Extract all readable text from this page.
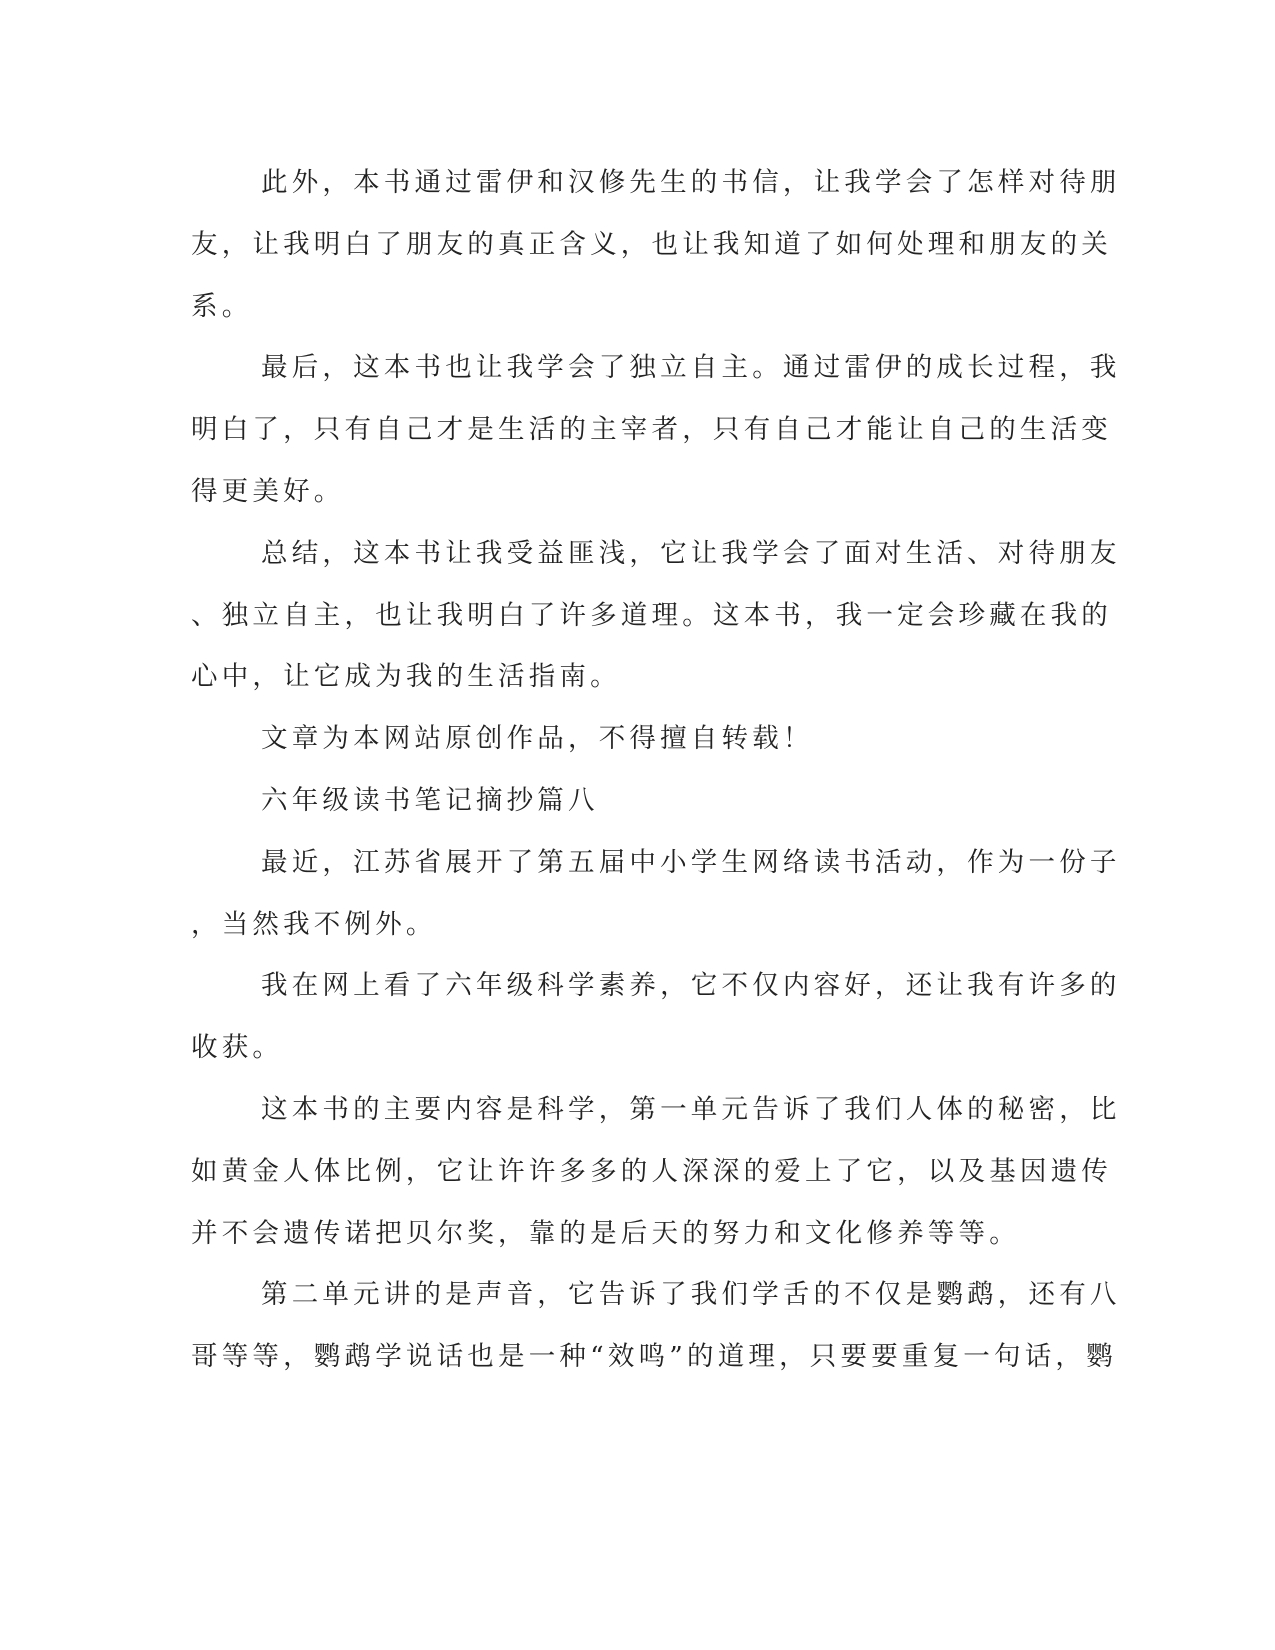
此外，本书通过雷伊和汉修先生的书信，让我学会了怎样对待朋
友，让我明白了朋友的真正含义，也让我知道了如何处理和朋友的关
系。
最后，这本书也让我学会了独立自主。通过雷伊的成长过程，我
明白了，只有自己才是生活的主宰者，只有自己才能让自己的生活变
得更美好。
总结，这本书让我受益匪浅，它让我学会了面对生活、对待朋友
、独立自主，也让我明白了许多道理。这本书，我一定会珍藏在我的
心中，让它成为我的生活指南。
文章为本网站原创作品，不得擅自转载！
六年级读书笔记摘抄篇八
最近，江苏省展开了第五届中小学生网络读书活动，作为一份子
，当然我不例外。
我在网上看了六年级科学素养，它不仅内容好，还让我有许多的
收获。
这本书的主要内容是科学，第一单元告诉了我们人体的秘密，比
如黄金人体比例，它让许许多多的人深深的爱上了它，以及基因遗传
并不会遗传诺把贝尔奖，靠的是后天的努力和文化修养等等。
第二单元讲的是声音，它告诉了我们学舌的不仅是鹦鹉，还有八
哥等等，鹦鹉学说话也是一种“效鸣”的道理，只要要重复一句话，鹦
